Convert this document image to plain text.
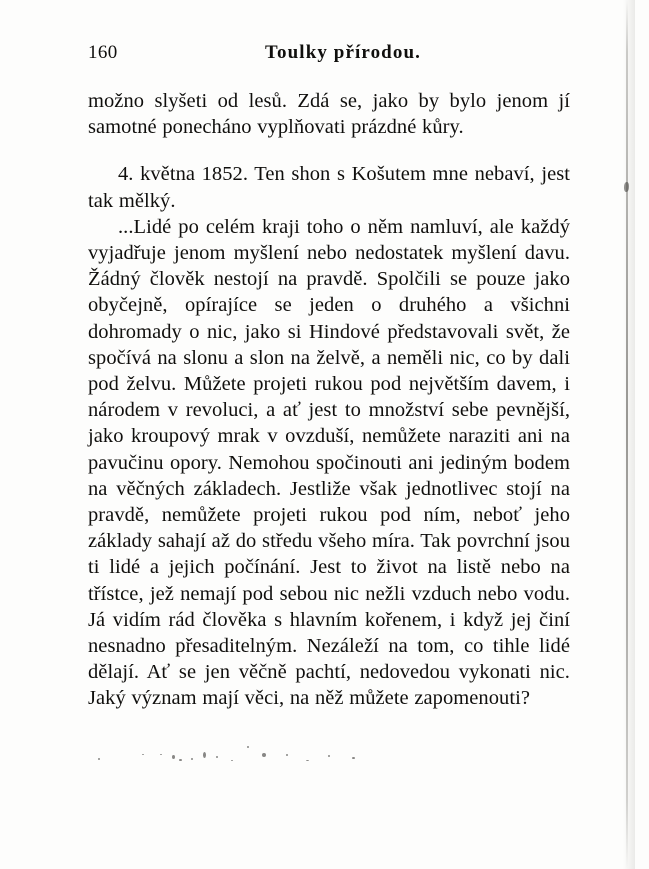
160	Toulky přírodou.

možno slyšeti od lesů. Zdá se, jako by bylo jenom jí samotné ponecháno vyplňovati prázdné kůry.

4. května 1852. Ten shon s Košutem mne nebaví, jest tak mělký.

...Lidé po celém kraji toho o něm namluví, ale každý vyjadřuje jenom myšlení nebo nedostatek myšlení davu. Žádný člověk nestojí na pravdě. Spolčili se pouze jako obyčejně, opírajíce se jeden o druhého a všichni dohromady o nic, jako si Hindové představovali svět, že spočívá na slonu a slon na želvě, a neměli nic, co by dali pod želvu. Můžete projeti rukou pod největším davem, i národem v revoluci, a ať jest to množství sebe pevnější, jako kroupový mrak v ovzduší, nemůžete naraziti ani na pavučinu opory. Nemohou spočinouti ani jediným bodem na věčných základech. Jestliže však jednotlivec stojí na pravdě, nemůžete projeti rukou pod ním, neboť jeho základy sahají až do středu všeho míra. Tak povrchní jsou ti lidé a jejich počínání. Jest to život na listě nebo na třístce, jež nemají pod sebou nic nežli vzduch nebo vodu. Já vidím rád člověka s hlavním kořenem, i když jej činí nesnadno přesaditelným. Nezáleží na tom, co tihle lidé dělají. Ať se jen věčně pachtí, nedovedou vykonati nic. Jaký význam mají věci, na něž můžete zapomenouti?
